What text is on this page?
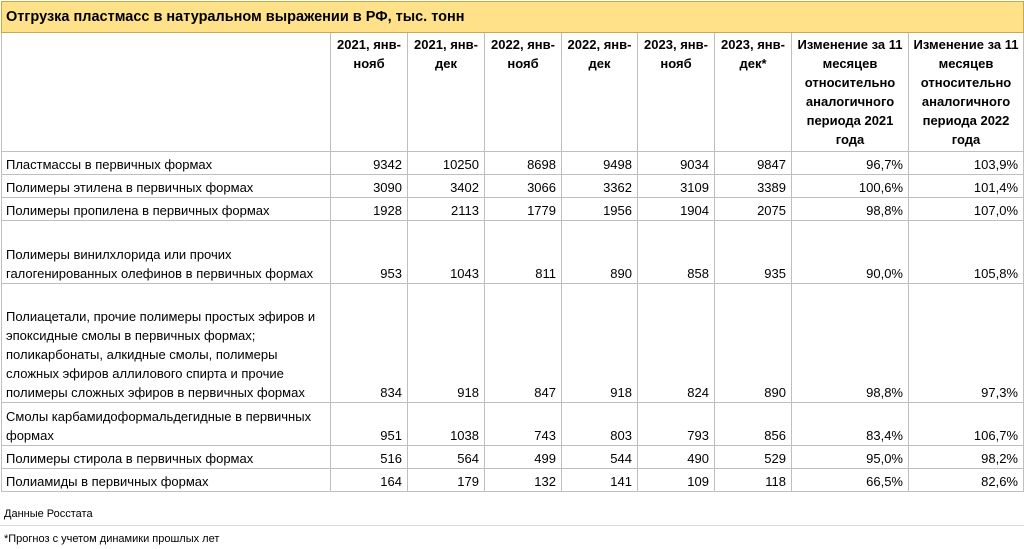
Отгрузка пластмасс в натуральном выражении в РФ, тыс. тонн								
	2021, янв-нояб	2021, янв-дек	2022, янв-нояб	2022, янв-дек	2023, янв-нояб	2023, янв-дек*	Изменение за 11 месяцев относительно аналогичного периода 2021 года	Изменение за 11 месяцев относительно аналогичного периода 2022 года
Пластмассы в первичных формах	9342	10250	8698	9498	9034	9847	96,7%	103,9%
Полимеры этилена в первичных формах	3090	3402	3066	3362	3109	3389	100,6%	101,4%
Полимеры пропилена в первичных формах	1928	2113	1779	1956	1904	2075	98,8%	107,0%
Полимеры винилхлорида или прочих галогенированных олефинов в первичных формах	953	1043	811	890	858	935	90,0%	105,8%
Полиацетали, прочие полимеры простых эфиров и эпоксидные смолы в первичных формах; поликарбонаты, алкидные смолы, полимеры сложных эфиров аллилового спирта и прочие полимеры сложных эфиров в первичных формах	834	918	847	918	824	890	98,8%	97,3%
Смолы карбамидоформальдегидные в первичных формах	951	1038	743	803	793	856	83,4%	106,7%
Полимеры стирола в первичных формах	516	564	499	544	490	529	95,0%	98,2%
Полиамиды в первичных формах	164	179	132	141	109	118	66,5%	82,6%
Данные Росстата
*Прогноз с учетом динамики прошлых лет
